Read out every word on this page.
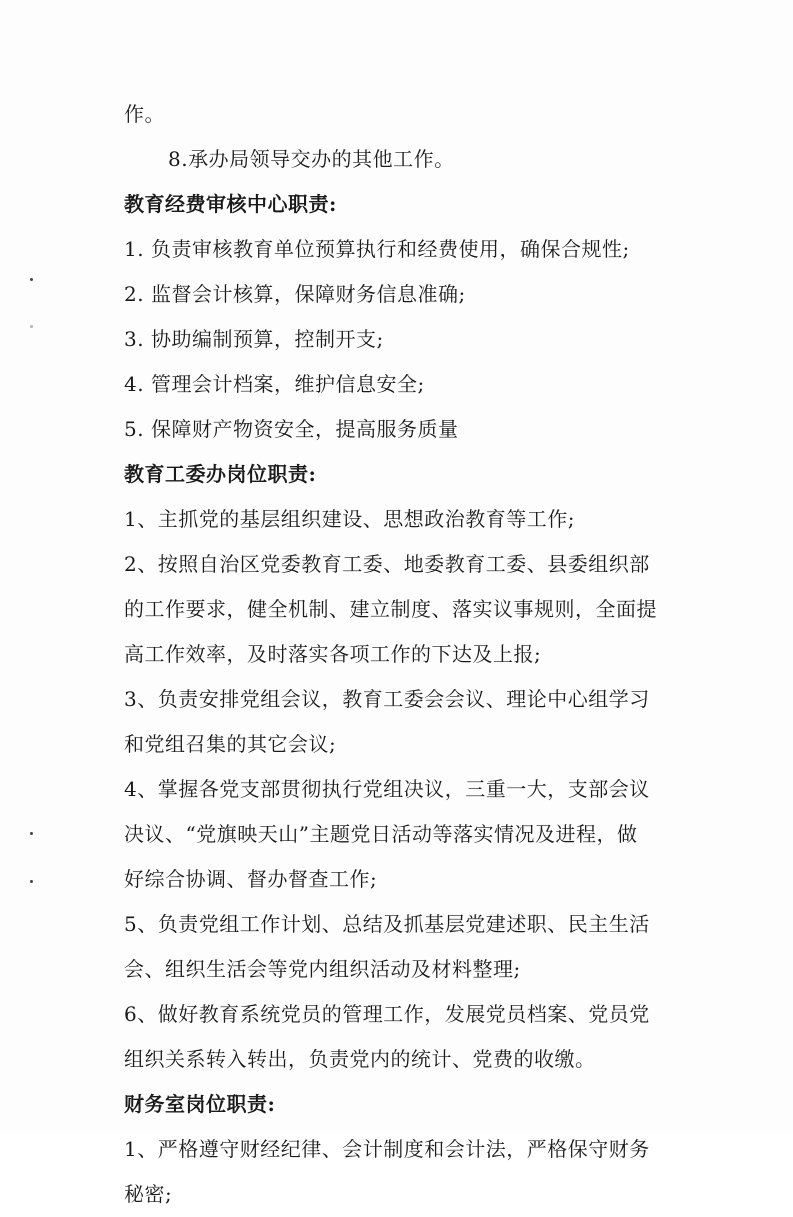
作。
8.承办局领导交办的其他工作。
教育经费审核中心职责:
1. 负责审核教育单位预算执行和经费使用，确保合规性;
2. 监督会计核算，保障财务信息准确;
3. 协助编制预算，控制开支;
4. 管理会计档案，维护信息安全;
5. 保障财产物资安全，提高服务质量
教育工委办岗位职责:
1、主抓党的基层组织建设、思想政治教育等工作;
2、按照自治区党委教育工委、地委教育工委、县委组织部
的工作要求，健全机制、建立制度、落实议事规则，全面提
高工作效率，及时落实各项工作的下达及上报;
3、负责安排党组会议，教育工委会会议、理论中心组学习
和党组召集的其它会议;
4、掌握各党支部贯彻执行党组决议，三重一大，支部会议
决议、“党旗映天山”主题党日活动等落实情况及进程，做
好综合协调、督办督查工作;
5、负责党组工作计划、总结及抓基层党建述职、民主生活
会、组织生活会等党内组织活动及材料整理;
6、做好教育系统党员的管理工作，发展党员档案、党员党
组织关系转入转出，负责党内的统计、党费的收缴。
财务室岗位职责:
1、严格遵守财经纪律、会计制度和会计法，严格保守财务
秘密;
